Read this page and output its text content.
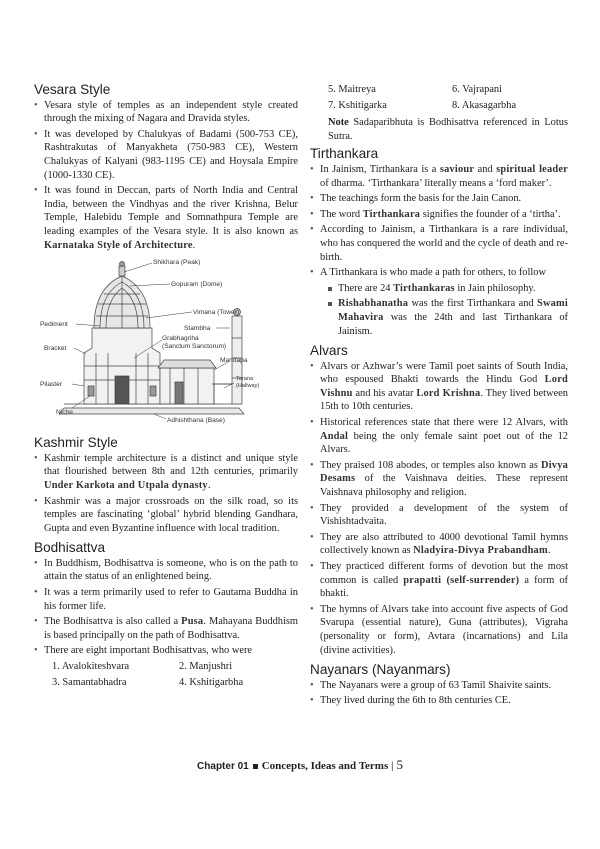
Vesara Style
• Vesara style of temples as an independent style created through the mixing of Nagara and Dravida styles.
• It was developed by Chalukyas of Badami (500-753 CE), Rashtrakutas of Manyakheta (750-983 CE), Western Chalukyas of Kalyani (983-1195 CE) and Hoysala Empire (1000-1330 CE).
• It was found in Deccan, parts of North India and Central India, between the Vindhyas and the river Krishna, Belur Temple, Halebidu Temple and Somnathpura Temple are leading examples of the Vesara style. It is also known as Karnataka Style of Architecture.
Shikhara (Peak)
Gopuram (Dome)
Pediment
Vimana (Tower)
Stambha
Bracket
Grabhagriha
(Sanctum Sanctorum)
Mandapa
Pilaster
Torana
(Hallway)
Niche
Adhishthana (Base)
Kashmir Style
• Kashmir temple architecture is a distinct and unique style that flourished between 8th and 12th centuries, primarily Under Karkota and Utpala dynasty.
• Kashmir was a major crossroads on the silk road, so its temples are fascinating ‘global’ hybrid blending Gandhara, Gupta and even Byzantine influence with local tradition.
Bodhisattva
• In Buddhism, Bodhisattva is someone, who is on the path to attain the status of an enlightened being.
• It was a term primarily used to refer to Gautama Buddha in his former life.
• The Bodhisattva is also called a Pusa. Mahayana Buddhism is based principally on the path of Bodhisattva.
• There are eight important Bodhisattvas, who were
1. Avalokiteshvara	2. Manjushri
3. Samantabhadra	4. Kshitigarbha
5. Maitreya	6. Vajrapani
7. Kshitigarka	8. Akasagarbha
Note Sadaparibhuta is Bodhisattva referenced in Lotus Sutra.
Tirthankara
• In Jainism, Tirthankara is a saviour and spiritual leader of dharma. ‘Tirthankara’ literally means a ‘ford maker’.
• The teachings form the basis for the Jain Canon.
• The word Tirthankara signifies the founder of a ‘tirtha’.
• According to Jainism, a Tirthankara is a rare individual, who has conquered the world and the cycle of death and re-birth.
• A Tirthankara is who made a path for others, to follow
There are 24 Tirthankaras in Jain philosophy.
Rishabhanatha was the first Tirthankara and Swami Mahavira was the 24th and last Tirthankara of Jainism.
Alvars
• Alvars or Azhwar’s were Tamil poet saints of South India, who espoused Bhakti towards the Hindu God Lord Vishnu and his avatar Lord Krishna. They lived between 15th to 10th centuries.
• Historical references state that there were 12 Alvars, with Andal being the only female saint poet out of the 12 Alvars.
• They praised 108 abodes, or temples also known as Divya Desams of the Vaishnava deities. These represent Vaishnava philosophy and religion.
• They provided a development of the system of Vishishtadvaita.
• They are also attributed to 4000 devotional Tamil hymns collectively known as Nladyira-Divya Prabandham.
• They practiced different forms of devotion but the most common is called prapatti (self-surrender) a form of bhakti.
• The hymns of Alvars take into account five aspects of God Svarupa (essential nature), Guna (attributes), Vigraha (personality or form), Avtara (incarnations) and Lila (divine activities).
Nayanars (Nayanmars)
• The Nayanars were a group of 63 Tamil Shaivite saints.
• They lived during the 6th to 8th centuries CE.
Chapter 01 Concepts, Ideas and Terms | 5
